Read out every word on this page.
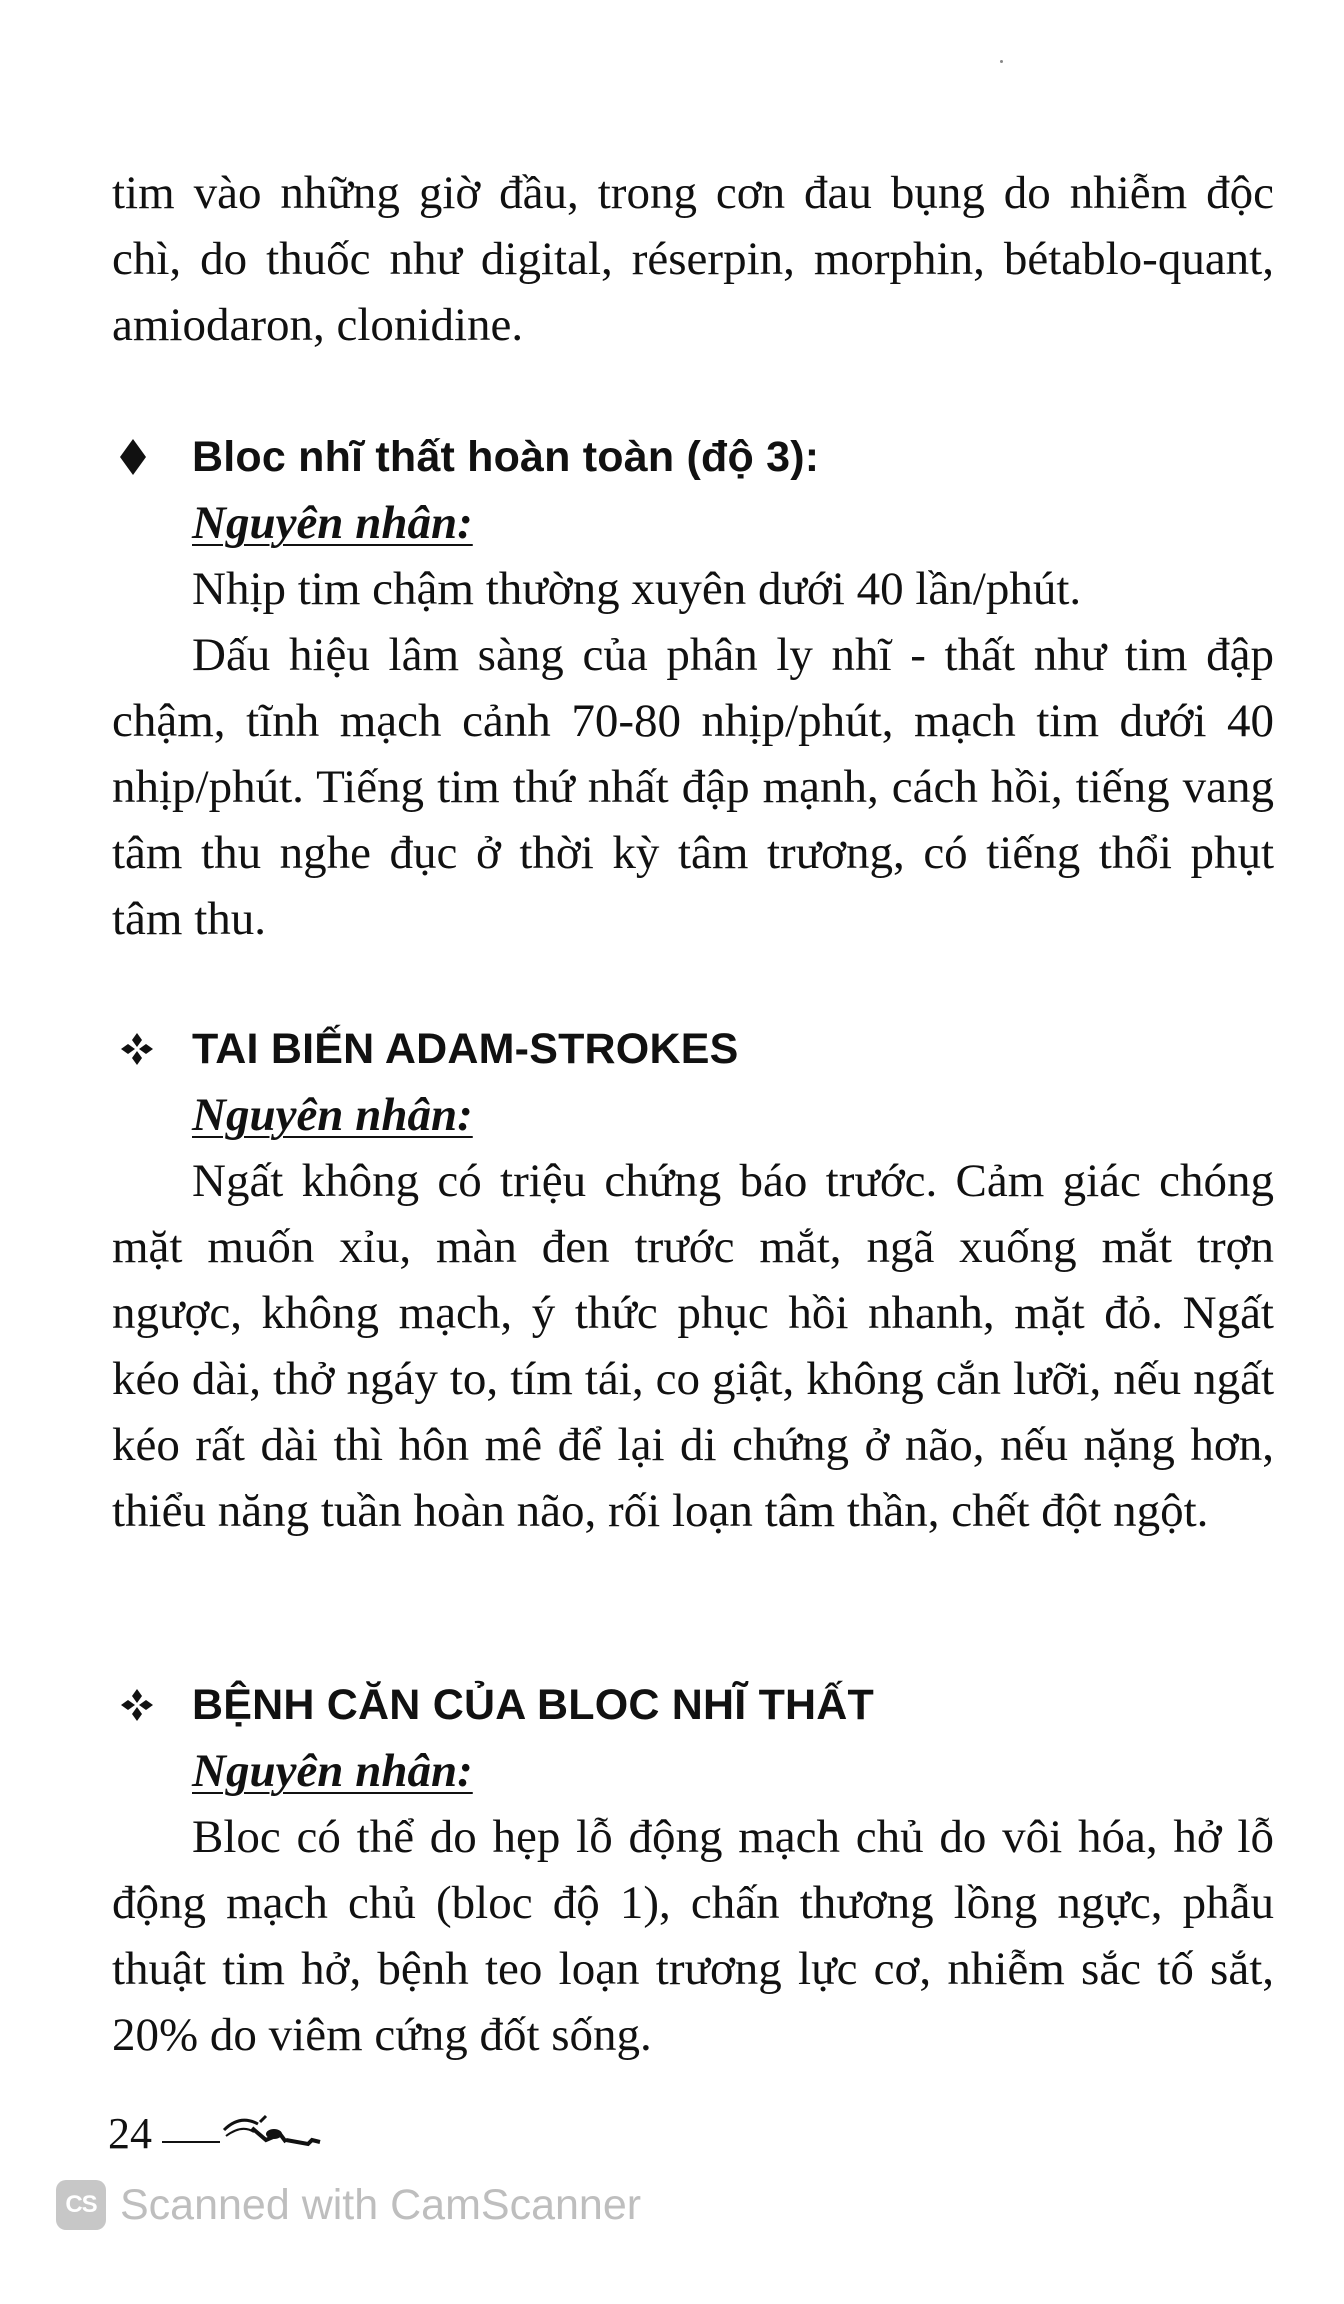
tim vào những giờ đầu, trong cơn đau bụng do nhiễm độc chì, do thuốc như digital, réserpin, morphin, bétablo-quant, amiodaron, clonidine.

Bloc nhĩ thất hoàn toàn (độ 3):
Nguyên nhân:

Nhịp tim chậm thường xuyên dưới 40 lần/phút.

Dấu hiệu lâm sàng của phân ly nhĩ - thất như tim đập chậm, tĩnh mạch cảnh 70-80 nhịp/phút, mạch tim dưới 40 nhịp/phút. Tiếng tim thứ nhất đập mạnh, cách hồi, tiếng vang tâm thu nghe đục ở thời kỳ tâm trương, có tiếng thổi phụt tâm thu.

TAI BIẾN ADAM-STROKES
Nguyên nhân:

Ngất không có triệu chứng báo trước. Cảm giác chóng mặt muốn xỉu, màn đen trước mắt, ngã xuống mắt trợn ngược, không mạch, ý thức phục hồi nhanh, mặt đỏ. Ngất kéo dài, thở ngáy to, tím tái, co giật, không cắn lưỡi, nếu ngất kéo rất dài thì hôn mê để lại di chứng ở não, nếu nặng hơn, thiểu năng tuần hoàn não, rối loạn tâm thần, chết đột ngột.

BỆNH CĂN CỦA BLOC NHĨ THẤT
Nguyên nhân:

Bloc có thể do hẹp lỗ động mạch chủ do vôi hóa, hở lỗ động mạch chủ (bloc độ 1), chấn thương lồng ngực, phẫu thuật tim hở, bệnh teo loạn trương lực cơ, nhiễm sắc tố sắt, 20% do viêm cứng đốt sống.

24
CS Scanned with CamScanner
